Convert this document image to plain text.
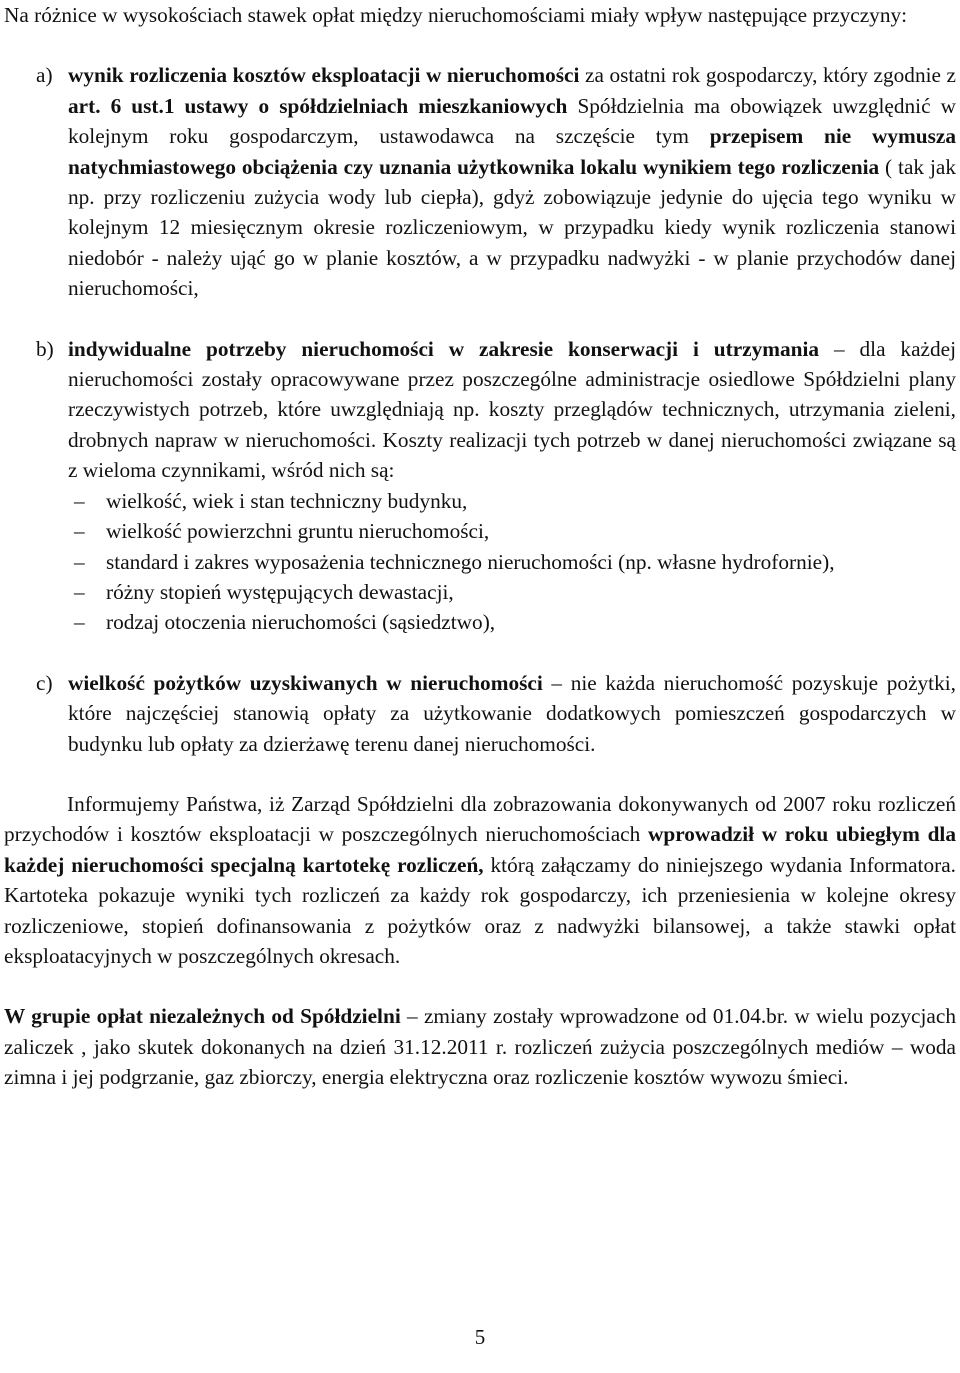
Na różnice w wysokościach stawek opłat między nieruchomościami miały wpływ następujące przyczyny:

a) wynik rozliczenia kosztów eksploatacji w nieruchomości za ostatni rok gospodarczy, który zgodnie z art. 6 ust.1 ustawy o spółdzielniach mieszkaniowych Spółdzielnia ma obowiązek uwzględnić w kolejnym roku gospodarczym, ustawodawca na szczęście tym przepisem nie wymusza natychmiastowego obciążenia czy uznania użytkownika lokalu wynikiem tego rozliczenia ( tak jak np. przy rozliczeniu zużycia wody lub ciepła), gdyż zobowiązuje jedynie do ujęcia tego wyniku w kolejnym 12 miesięcznym okresie rozliczeniowym, w przypadku kiedy wynik rozliczenia stanowi niedobór - należy ująć go w planie kosztów, a w przypadku nadwyżki - w planie przychodów danej nieruchomości,

b) indywidualne potrzeby nieruchomości w zakresie konserwacji i utrzymania – dla każdej nieruchomości zostały opracowywane przez poszczególne administracje osiedlowe Spółdzielni plany rzeczywistych potrzeb, które uwzględniają np. koszty przeglądów technicznych, utrzymania zieleni, drobnych napraw w nieruchomości. Koszty realizacji tych potrzeb w danej nieruchomości związane są z wieloma czynnikami, wśród nich są:

– wielkość, wiek i stan techniczny budynku,

– wielkość powierzchni gruntu nieruchomości,

– standard i zakres wyposażenia technicznego nieruchomości (np. własne hydrofornie),

– różny stopień występujących dewastacji,

– rodzaj otoczenia nieruchomości (sąsiedztwo),

c) wielkość pożytków uzyskiwanych w nieruchomości – nie każda nieruchomość pozyskuje pożytki, które najczęściej stanowią opłaty za użytkowanie dodatkowych pomieszczeń gospodarczych w budynku lub opłaty za dzierżawę terenu danej nieruchomości.

Informujemy Państwa, iż Zarząd Spółdzielni dla zobrazowania dokonywanych od 2007 roku rozliczeń przychodów i kosztów eksploatacji w poszczególnych nieruchomościach wprowadził w roku ubiegłym dla każdej nieruchomości specjalną kartotekę rozliczeń, którą załączamy do niniejszego wydania Informatora. Kartoteka pokazuje wyniki tych rozliczeń za każdy rok gospodarczy, ich przeniesienia w kolejne okresy rozliczeniowe, stopień dofinansowania z pożytków oraz z nadwyżki bilansowej, a także stawki opłat eksploatacyjnych w poszczególnych okresach.

W grupie opłat niezależnych od Spółdzielni – zmiany zostały wprowadzone od 01.04.br. w wielu pozycjach zaliczek , jako skutek dokonanych na dzień 31.12.2011 r. rozliczeń zużycia poszczególnych mediów – woda zimna i jej podgrzanie, gaz zbiorczy, energia elektryczna oraz rozliczenie kosztów wywozu śmieci.

5
